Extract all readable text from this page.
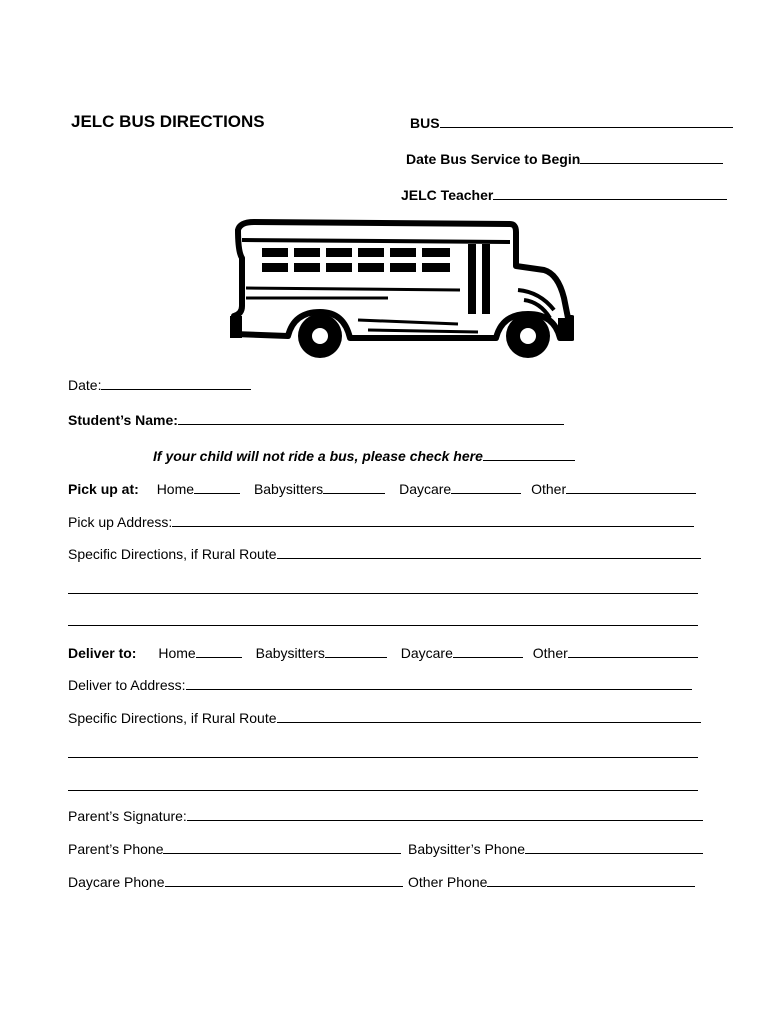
JELC BUS DIRECTIONS	BUS
Date Bus Service to Begin
JELC Teacher
Date:
Student’s Name:
If your child will not ride a bus, please check here
Pick up at: Home	Babysitters	Daycare	Other
Pick up Address:
Specific Directions, if Rural Route
Deliver to: Home	Babysitters	Daycare	Other
Deliver to Address:
Specific Directions, if Rural Route
Parent’s Signature:
Parent’s Phone	Babysitter’s Phone
Daycare Phone	Other Phone
